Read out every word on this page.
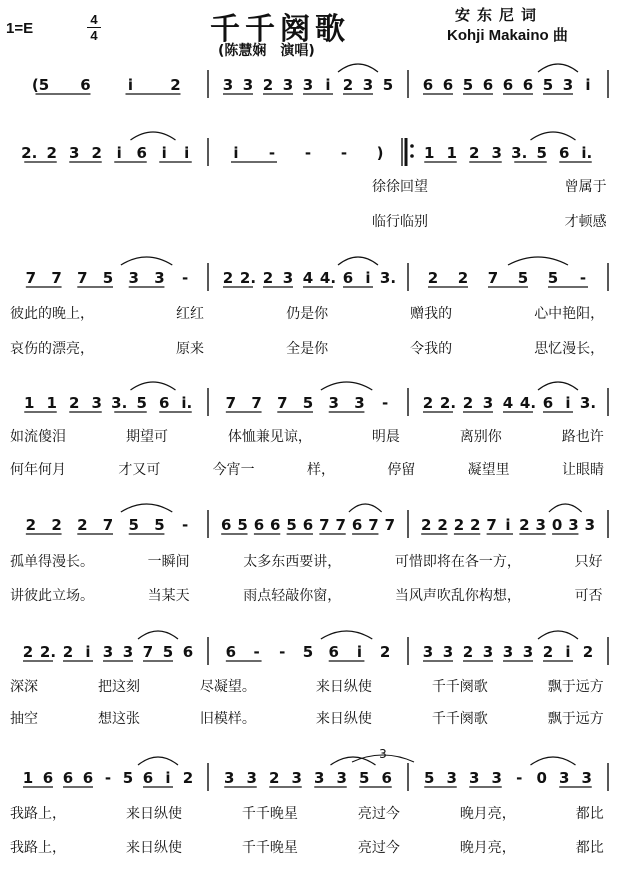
1=E
4
4	千千阕歌
(陈慧娴　演唱)
安东尼词
Kohji Makaino 曲
(5 6 i 2	3 3 2 3 3 i 2 3 5 6 6 5 6 6 6 5 3 i
2. 2 3 2 i 6 i i	i - - - )	1 1 2 3 3. 5 6 i.
7 7 7 5 3 3 - 2 2. 2 3 4 4. 6 i 3. 2 2 7 5 5 -
1 1 2 3 3. 5 6 i. 7 7 7 5 3 3 - 2 2. 2 3 4 4. 6 i 3.
2 2 2 7 5 5 - 6 5 6 6 5 6 7 7 6 7 7 2 2 2 2 7 i 2 3 0 3 3
2 2. 2 i 3 3 7 5 6 6 - - 5 6 i 2 3 3 2 3 3 3 2 i 2
1 6 6 6 - 5 6 i 2 3 3 2 3 3 3 5 6 5 3 3 3 - 0 3 3
3
徐徐回望	曾属于
临行临别	才顿感
彼此的晚上，	红红	仍是你	赠我的	心中艳阳，
哀伤的漂亮，	原来	全是你	令我的	思忆漫长，
如流傻泪	期望可	体恤兼见谅，	明晨	离别你	路也许
何年何月	才又可	今宵一	样，	停留	凝望里	让眼睛
孤单得漫长。	一瞬间	太多东西要讲，	可惜即将在各一方，	只好
讲彼此立场。	当某天	雨点轻敲你窗，	当风声吹乱你构想，	可否
深深	把这刻	尽凝望。	来日纵使	千千阕歌	飘于远方
抽空	想这张	旧模样。	来日纵使	千千阕歌	飘于远方
我路上，	来日纵使	千千晚星	亮过今	晚月亮，	都比
我路上，	来日纵使	千千晚星	亮过今	晚月亮，	都比
